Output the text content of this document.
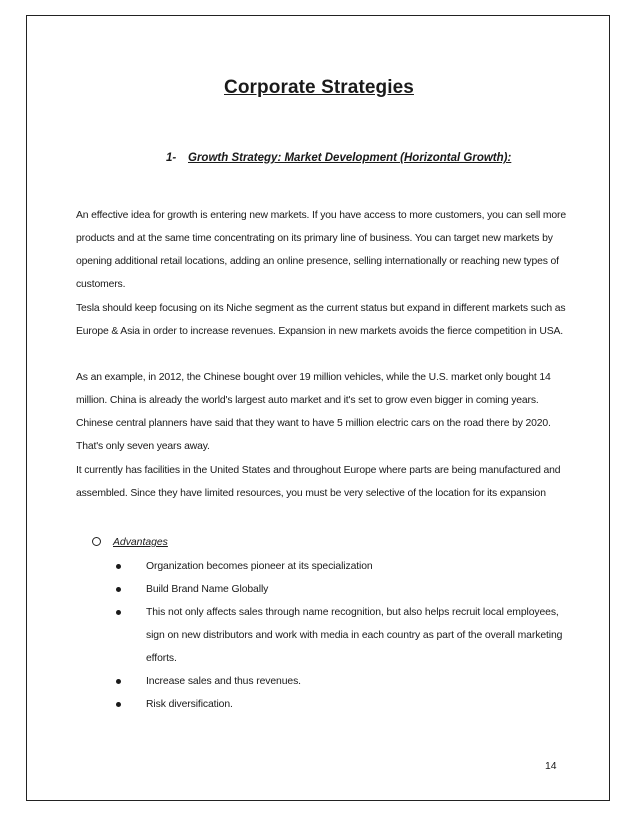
Corporate Strategies
1- Growth Strategy: Market Development (Horizontal Growth):
An effective idea for growth is entering new markets. If you have access to more customers, you can sell more products and at the same time concentrating on its primary line of business. You can target new markets by opening additional retail locations, adding an online presence, selling internationally or reaching new types of customers.
Tesla should keep focusing on its Niche segment as the current status but expand in different markets such as Europe & Asia in order to increase revenues. Expansion in new markets avoids the fierce competition in USA.
As an example, in 2012, the Chinese bought over 19 million vehicles, while the U.S. market only bought 14 million. China is already the world's largest auto market and it's set to grow even bigger in coming years. Chinese central planners have said that they want to have 5 million electric cars on the road there by 2020. That's only seven years away.
It currently has facilities in the United States and throughout Europe where parts are being manufactured and assembled. Since they have limited resources, you must be very selective of the location for its expansion
Advantages
Organization becomes pioneer at its specialization
Build Brand Name Globally
This not only affects sales through name recognition, but also helps recruit local employees, sign on new distributors and work with media in each country as part of the overall marketing efforts.
Increase sales and thus revenues.
Risk diversification.
14
